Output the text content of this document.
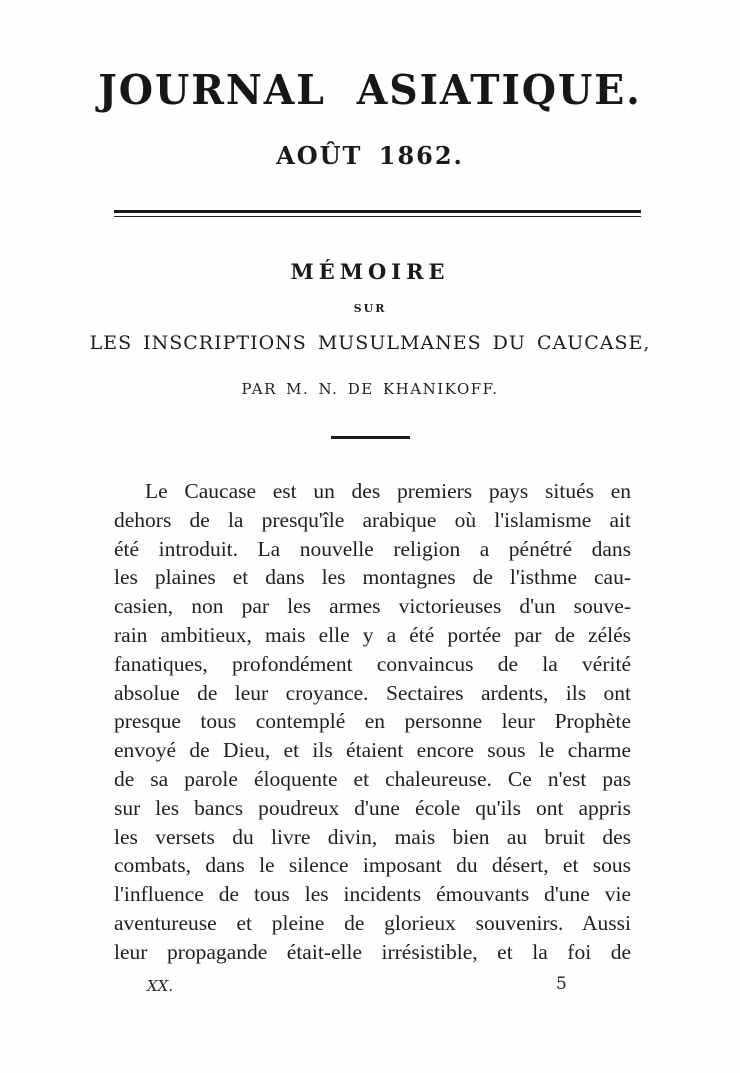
JOURNAL ASIATIQUE.
AOÛT 1862.
MÉMOIRE
SUR
LES INSCRIPTIONS MUSULMANES DU CAUCASE,
PAR M. N. DE KHANIKOFF.
Le Caucase est un des premiers pays situés en
dehors de la presqu'île arabique où l'islamisme ait
été introduit. La nouvelle religion a pénétré dans
les plaines et dans les montagnes de l'isthme cau-
casien, non par les armes victorieuses d'un souve-
rain ambitieux, mais elle y a été portée par de zélés
fanatiques, profondément convaincus de la vérité
absolue de leur croyance. Sectaires ardents, ils ont
presque tous contemplé en personne leur Prophète
envoyé de Dieu, et ils étaient encore sous le charme
de sa parole éloquente et chaleureuse. Ce n'est pas
sur les bancs poudreux d'une école qu'ils ont appris
les versets du livre divin, mais bien au bruit des
combats, dans le silence imposant du désert, et sous
l'influence de tous les incidents émouvants d'une vie
aventureuse et pleine de glorieux souvenirs. Aussi
leur propagande était-elle irrésistible, et la foi de
XX.	5
